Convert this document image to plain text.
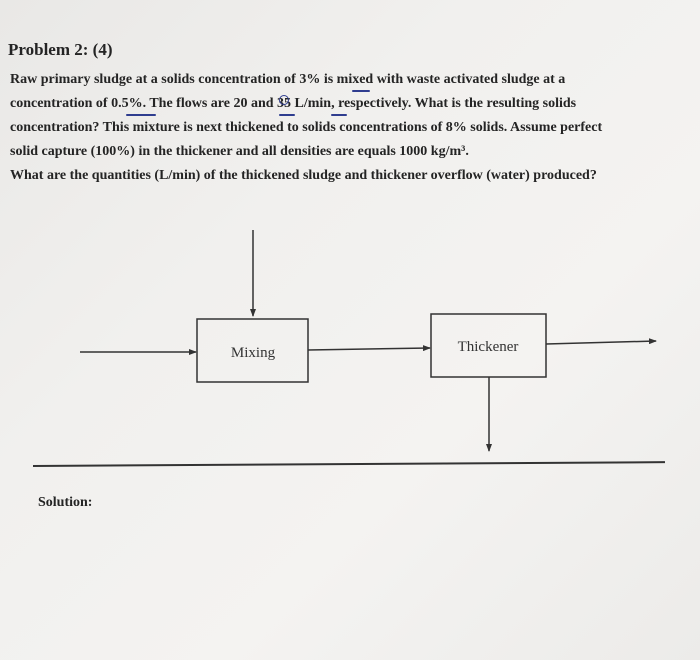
Problem 2: (4)
Raw primary sludge at a solids concentration of 3% is mixed with waste activated sludge at a
concentration of 0.5%. The flows are 20 and 35 L/min, respectively. What is the resulting solids
concentration? This mixture is next thickened to solids concentrations of 8% solids. Assume perfect
solid capture (100%) in the thickener and all densities are equals 1000 kg/m³.
What are the quantities (L/min) of the thickened sludge and thickener overflow (water) produced?
Mixing	Thickener

Solution:
